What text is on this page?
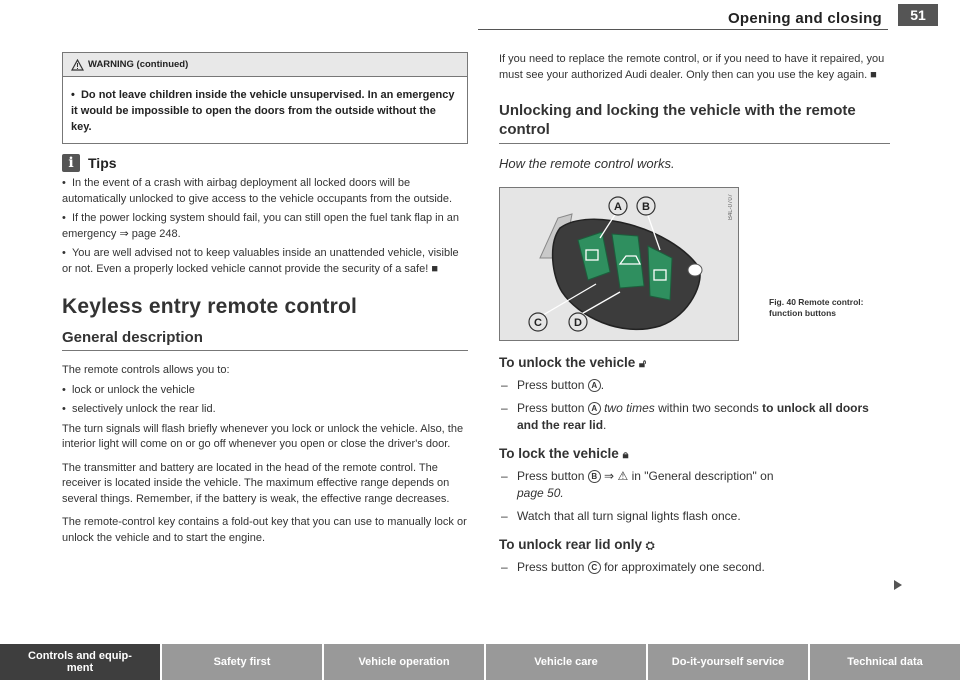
Opening and closing	51
WARNING (continued)
•  Do not leave children inside the vehicle unsupervised. In an emergency it would be impossible to open the doors from the outside without the key.
i	Tips
•  In the event of a crash with airbag deployment all locked doors will be automatically unlocked to give access to the vehicle occupants from the outside.
•  If the power locking system should fail, you can still open the fuel tank flap in an emergency ⇒ page 248.
•  You are well advised not to keep valuables inside an unattended vehicle, visible or not. Even a properly locked vehicle cannot provide the security of a safe! ■
Keyless entry remote control
General description
The remote controls allows you to:
•  lock or unlock the vehicle
•  selectively unlock the rear lid.
The turn signals will flash briefly whenever you lock or unlock the vehicle. Also, the interior light will come on or go off whenever you open or close the driver's door.
The transmitter and battery are located in the head of the remote control. The receiver is located inside the vehicle. The maximum effective range depends on several things. Remember, if the battery is weak, the effective range decreases.
The remote-control key contains a fold-out key that you can use to manually lock or unlock the vehicle and to start the engine.
If you need to replace the remote control, or if you need to have it repaired, you must see your authorized Audi dealer. Only then can you use the key again. ■
Unlocking and locking the vehicle with the remote control
How the remote control works.
A B
C	D
B4L-0707
Fig. 40 Remote control: function buttons
To unlock the vehicle 🔓︎
– Press button A .
– Press button A two times within two seconds to unlock all doors and the rear lid.
To lock the vehicle 🔒︎
– Press button B ⇒ ⚠ in "General description" on
page 50.
– Watch that all turn signal lights flash once.
To unlock rear lid only ⛭
– Press button C for approximately one second.
Controls and equip-
ment	Safety first	Vehicle operation	Vehicle care	Do-it-yourself service	Technical data
